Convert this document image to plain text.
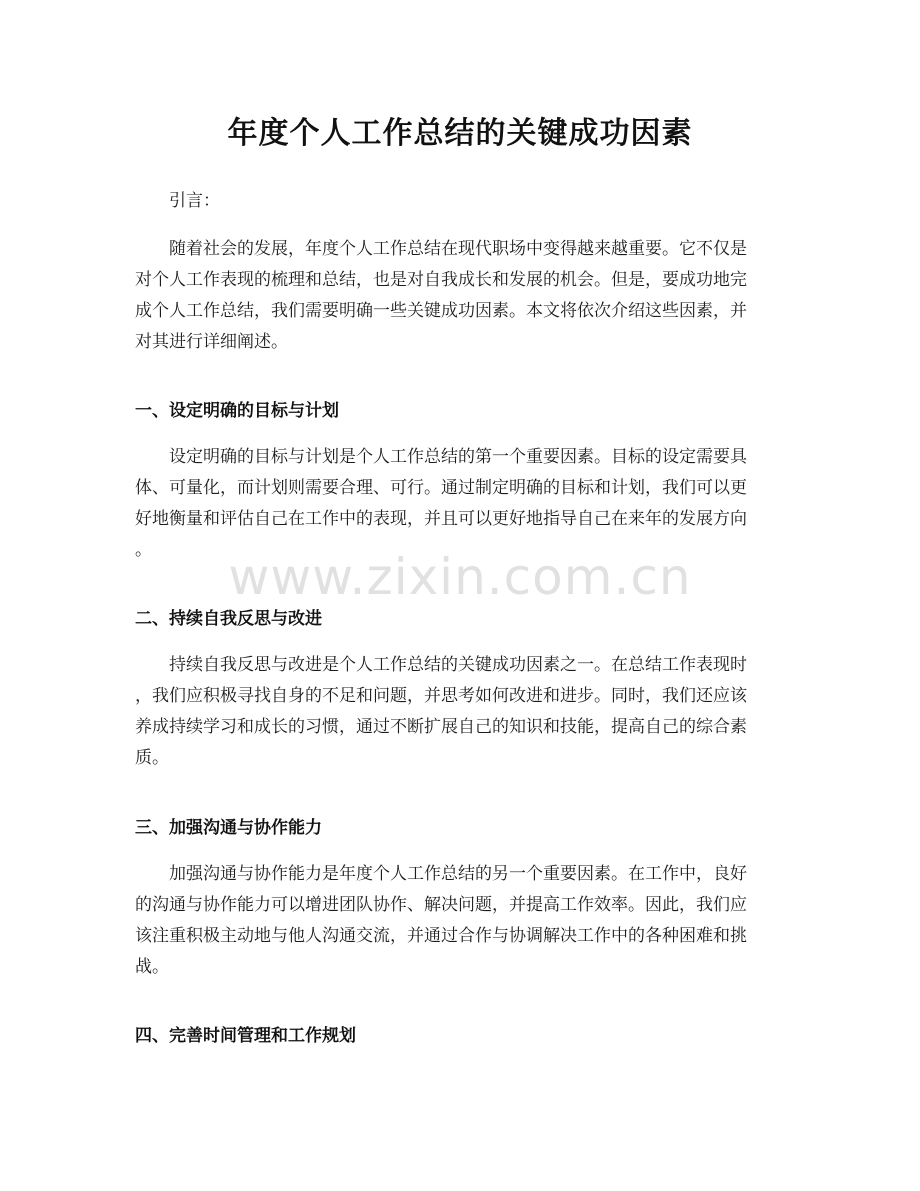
年度个人工作总结的关键成功因素
引言：
随着社会的发展，年度个人工作总结在现代职场中变得越来越重要。它不仅是
对个人工作表现的梳理和总结，也是对自我成长和发展的机会。但是，要成功地完
成个人工作总结，我们需要明确一些关键成功因素。本文将依次介绍这些因素，并
对其进行详细阐述。
一、设定明确的目标与计划
设定明确的目标与计划是个人工作总结的第一个重要因素。目标的设定需要具
体、可量化，而计划则需要合理、可行。通过制定明确的目标和计划，我们可以更
好地衡量和评估自己在工作中的表现，并且可以更好地指导自己在来年的发展方向
。
二、持续自我反思与改进
持续自我反思与改进是个人工作总结的关键成功因素之一。在总结工作表现时
，我们应积极寻找自身的不足和问题，并思考如何改进和进步。同时，我们还应该
养成持续学习和成长的习惯，通过不断扩展自己的知识和技能，提高自己的综合素
质。
三、加强沟通与协作能力
加强沟通与协作能力是年度个人工作总结的另一个重要因素。在工作中，良好
的沟通与协作能力可以增进团队协作、解决问题，并提高工作效率。因此，我们应
该注重积极主动地与他人沟通交流，并通过合作与协调解决工作中的各种困难和挑
战。
四、完善时间管理和工作规划
www.zixin.com.cn
